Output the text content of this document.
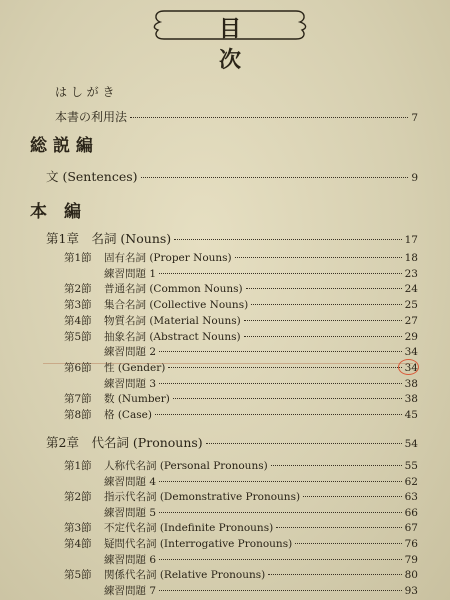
目　次
は し が き
本書の利用法	7
総 説 編
文 (Sentences)	9
本　編
第1章　名詞 (Nouns)	17
第1節	固有名詞 (Proper Nouns)	18
練習問題 1	23
第2節	普通名詞 (Common Nouns)	24
第3節	集合名詞 (Collective Nouns)	25
第4節	物質名詞 (Material Nouns)	27
第5節	抽象名詞 (Abstract Nouns)	29
練習問題 2	34
第6節	性 (Gender)	34
練習問題 3	38
第7節	数 (Number)	38
第8節	格 (Case)	45
第2章　代名詞 (Pronouns)	54
第1節	人称代名詞 (Personal Pronouns)	55
練習問題 4	62
第2節	指示代名詞 (Demonstrative Pronouns)	63
練習問題 5	66
第3節	不定代名詞 (Indefinite Pronouns)	67
第4節	疑問代名詞 (Interrogative Pronouns)	76
練習問題 6	79
第5節	関係代名詞 (Relative Pronouns)	80
練習問題 7	93
